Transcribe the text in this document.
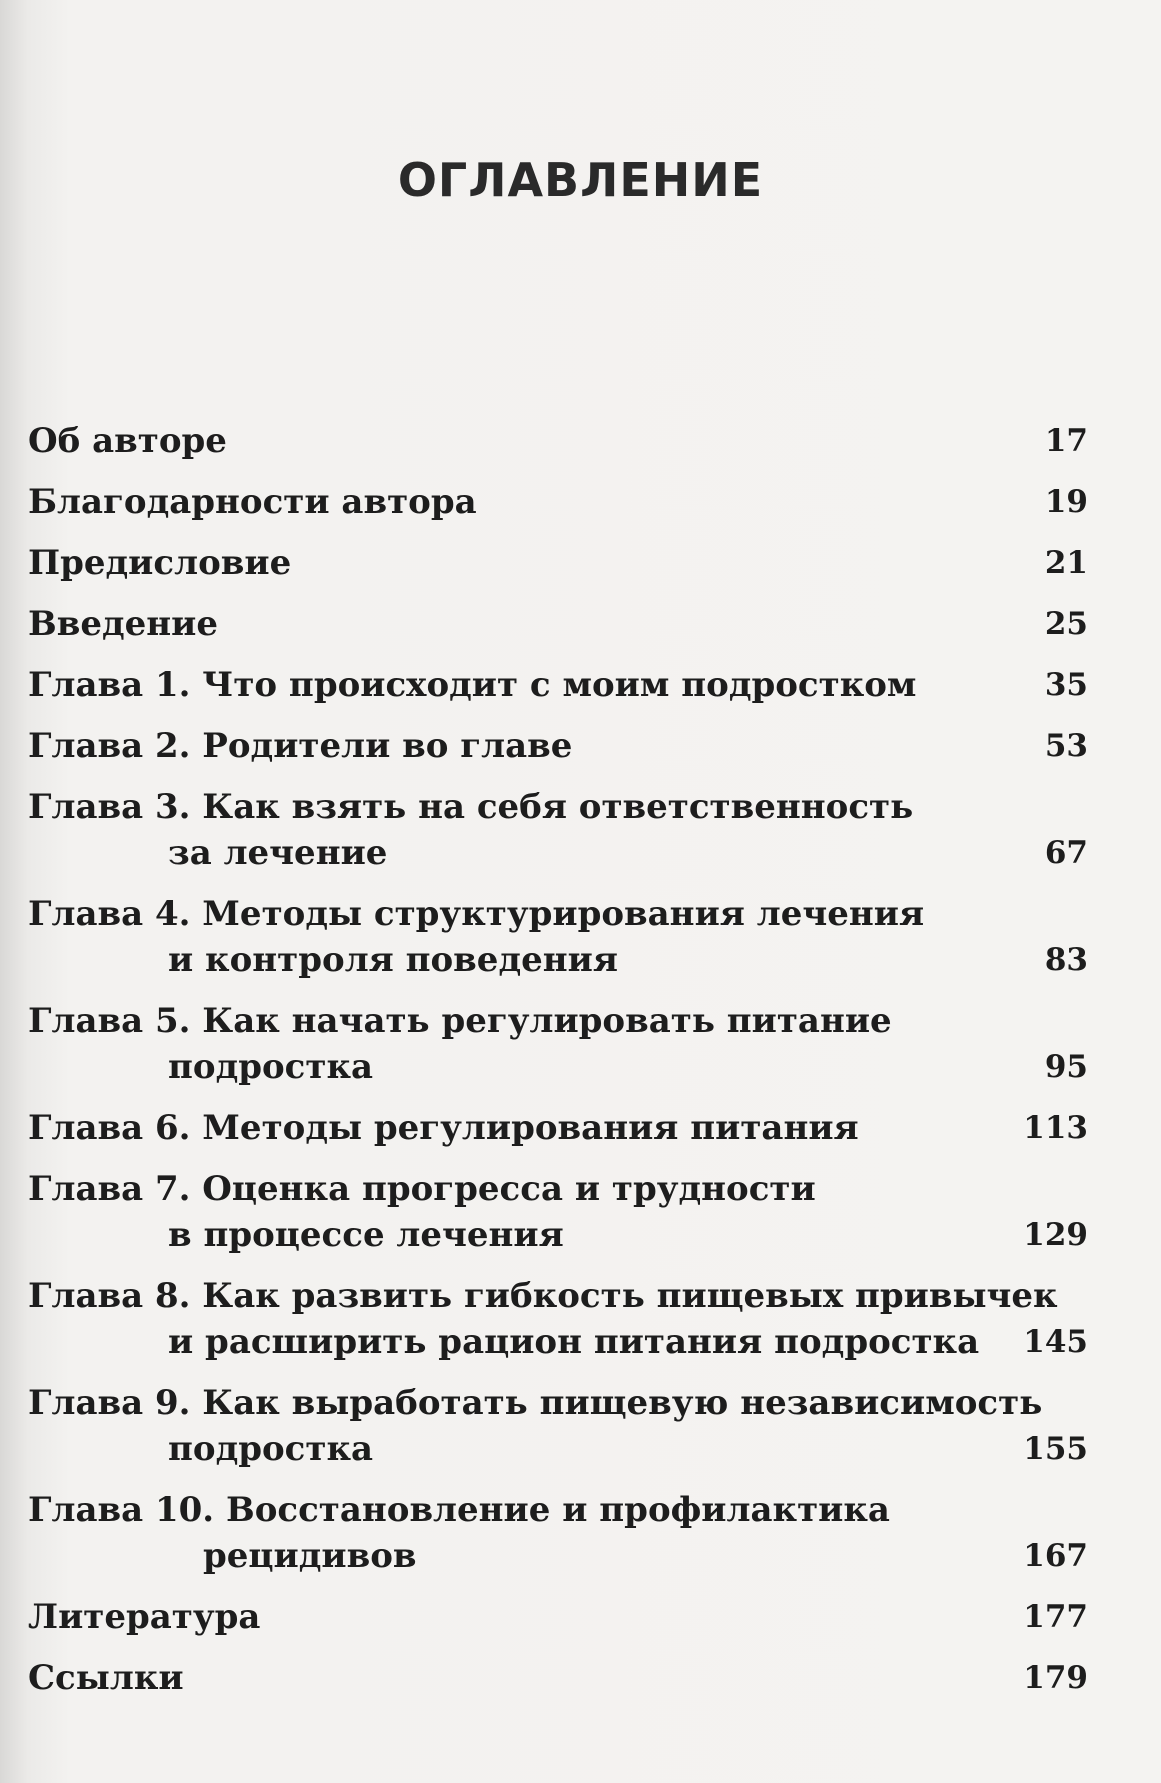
ОГЛАВЛЕНИЕ
Об авторе	17
Благодарности автора	19
Предисловие	21
Введение	25
Глава 1. Что происходит с моим подростком	35
Глава 2. Родители во главе	53
Глава 3. Как взять на себя ответственность
за лечение	67
Глава 4. Методы структурирования лечения
и контроля поведения	83
Глава 5. Как начать регулировать питание
подростка	95
Глава 6. Методы регулирования питания	113
Глава 7. Оценка прогресса и трудности
в процессе лечения	129
Глава 8. Как развить гибкость пищевых привычек
и расширить рацион питания подростка 145
Глава 9. Как выработать пищевую независимость
подростка	155
Глава 10. Восстановление и профилактика
рецидивов	167
Литература	177
Ссылки	179
